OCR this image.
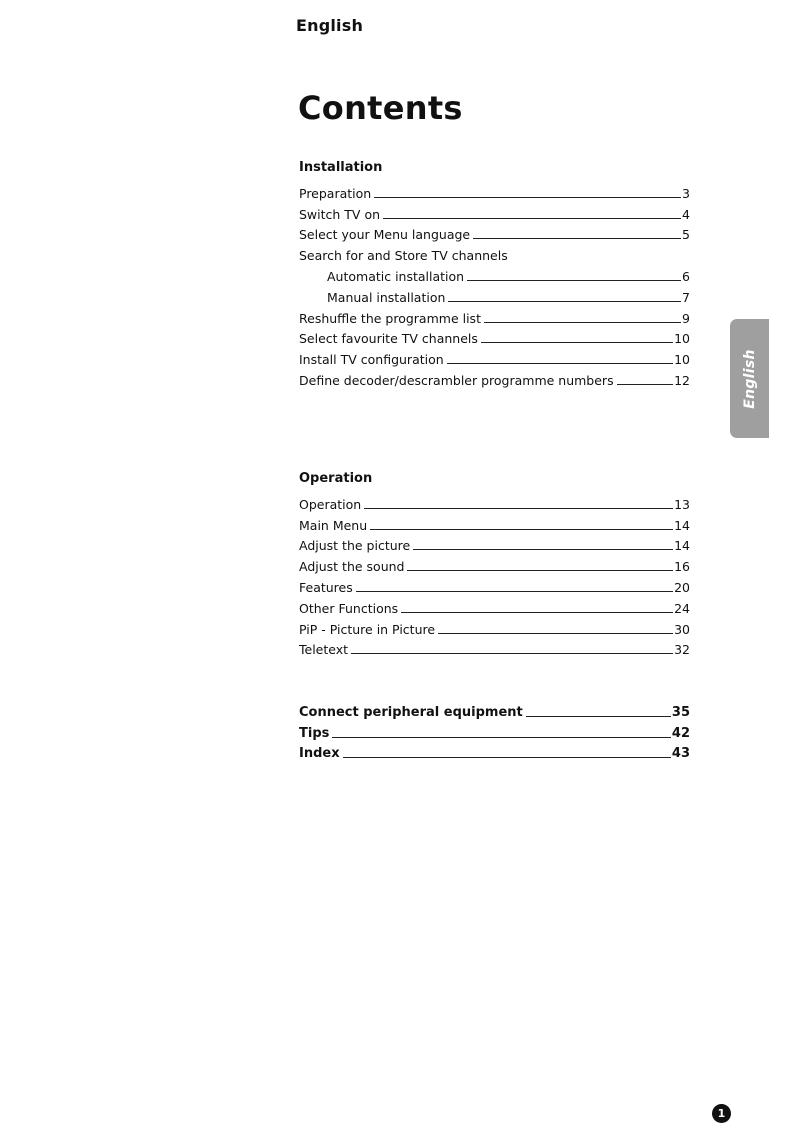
English
Contents
Installation
Preparation	3
Switch TV on	4
Select your Menu language	5
Search for and Store TV channels
Automatic installation	6
Manual installation	7
Reshuffle the programme list	9
Select favourite TV channels	10
Install TV configuration	10
Define decoder/descrambler programme numbers	12
Operation
Operation	13
Main Menu	14
Adjust the picture	14
Adjust the sound	16
Features	20
Other Functions	24
PiP - Picture in Picture	30
Teletext	32
Connect peripheral equipment	35
Tips	42
Index	43
English
1
